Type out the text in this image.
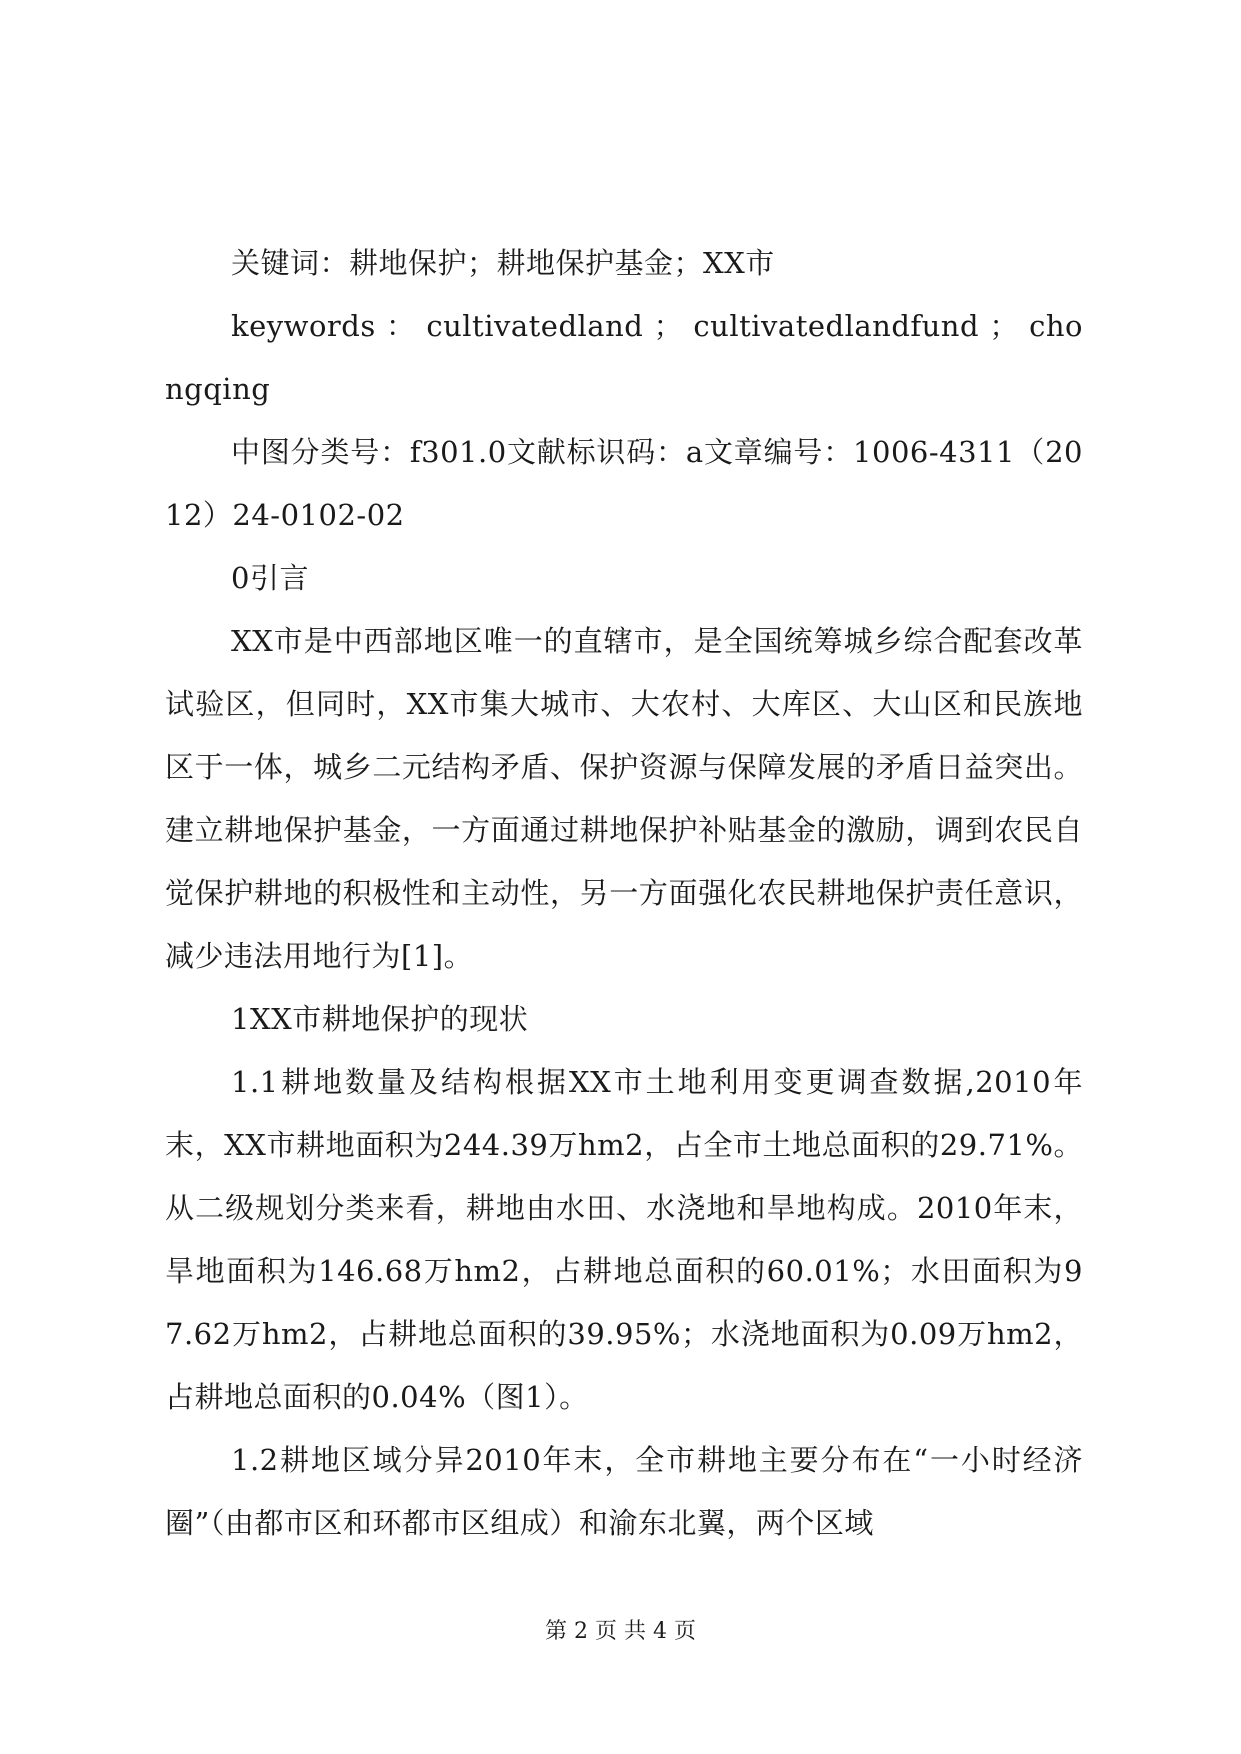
关键词：耕地保护；耕地保护基金；XX市

keywords ： cultivatedland ； cultivatedlandfund ； chongqing

中图分类号：f301.0文献标识码：a文章编号：1006-4311（2012）24-0102-02

0引言

XX市是中西部地区唯一的直辖市，是全国统筹城乡综合配套改革试验区，但同时，XX市集大城市、大农村、大库区、大山区和民族地区于一体，城乡二元结构矛盾、保护资源与保障发展的矛盾日益突出。建立耕地保护基金，一方面通过耕地保护补贴基金的激励，调到农民自觉保护耕地的积极性和主动性，另一方面强化农民耕地保护责任意识，减少违法用地行为[1]。

1XX市耕地保护的现状

1.1耕地数量及结构根据XX市土地利用变更调查数据,2010年末，XX市耕地面积为244.39万hm2，占全市土地总面积的29.71%。从二级规划分类来看，耕地由水田、水浇地和旱地构成。2010年末，旱地面积为146.68万hm2，占耕地总面积的60.01%；水田面积为97.62万hm2，占耕地总面积的39.95%；水浇地面积为0.09万hm2，占耕地总面积的0.04%（图1）。

1.2耕地区域分异2010年末，全市耕地主要分布在“一小时经济圈”（由都市区和环都市区组成）和渝东北翼，两个区域

第 2 页 共 4 页
